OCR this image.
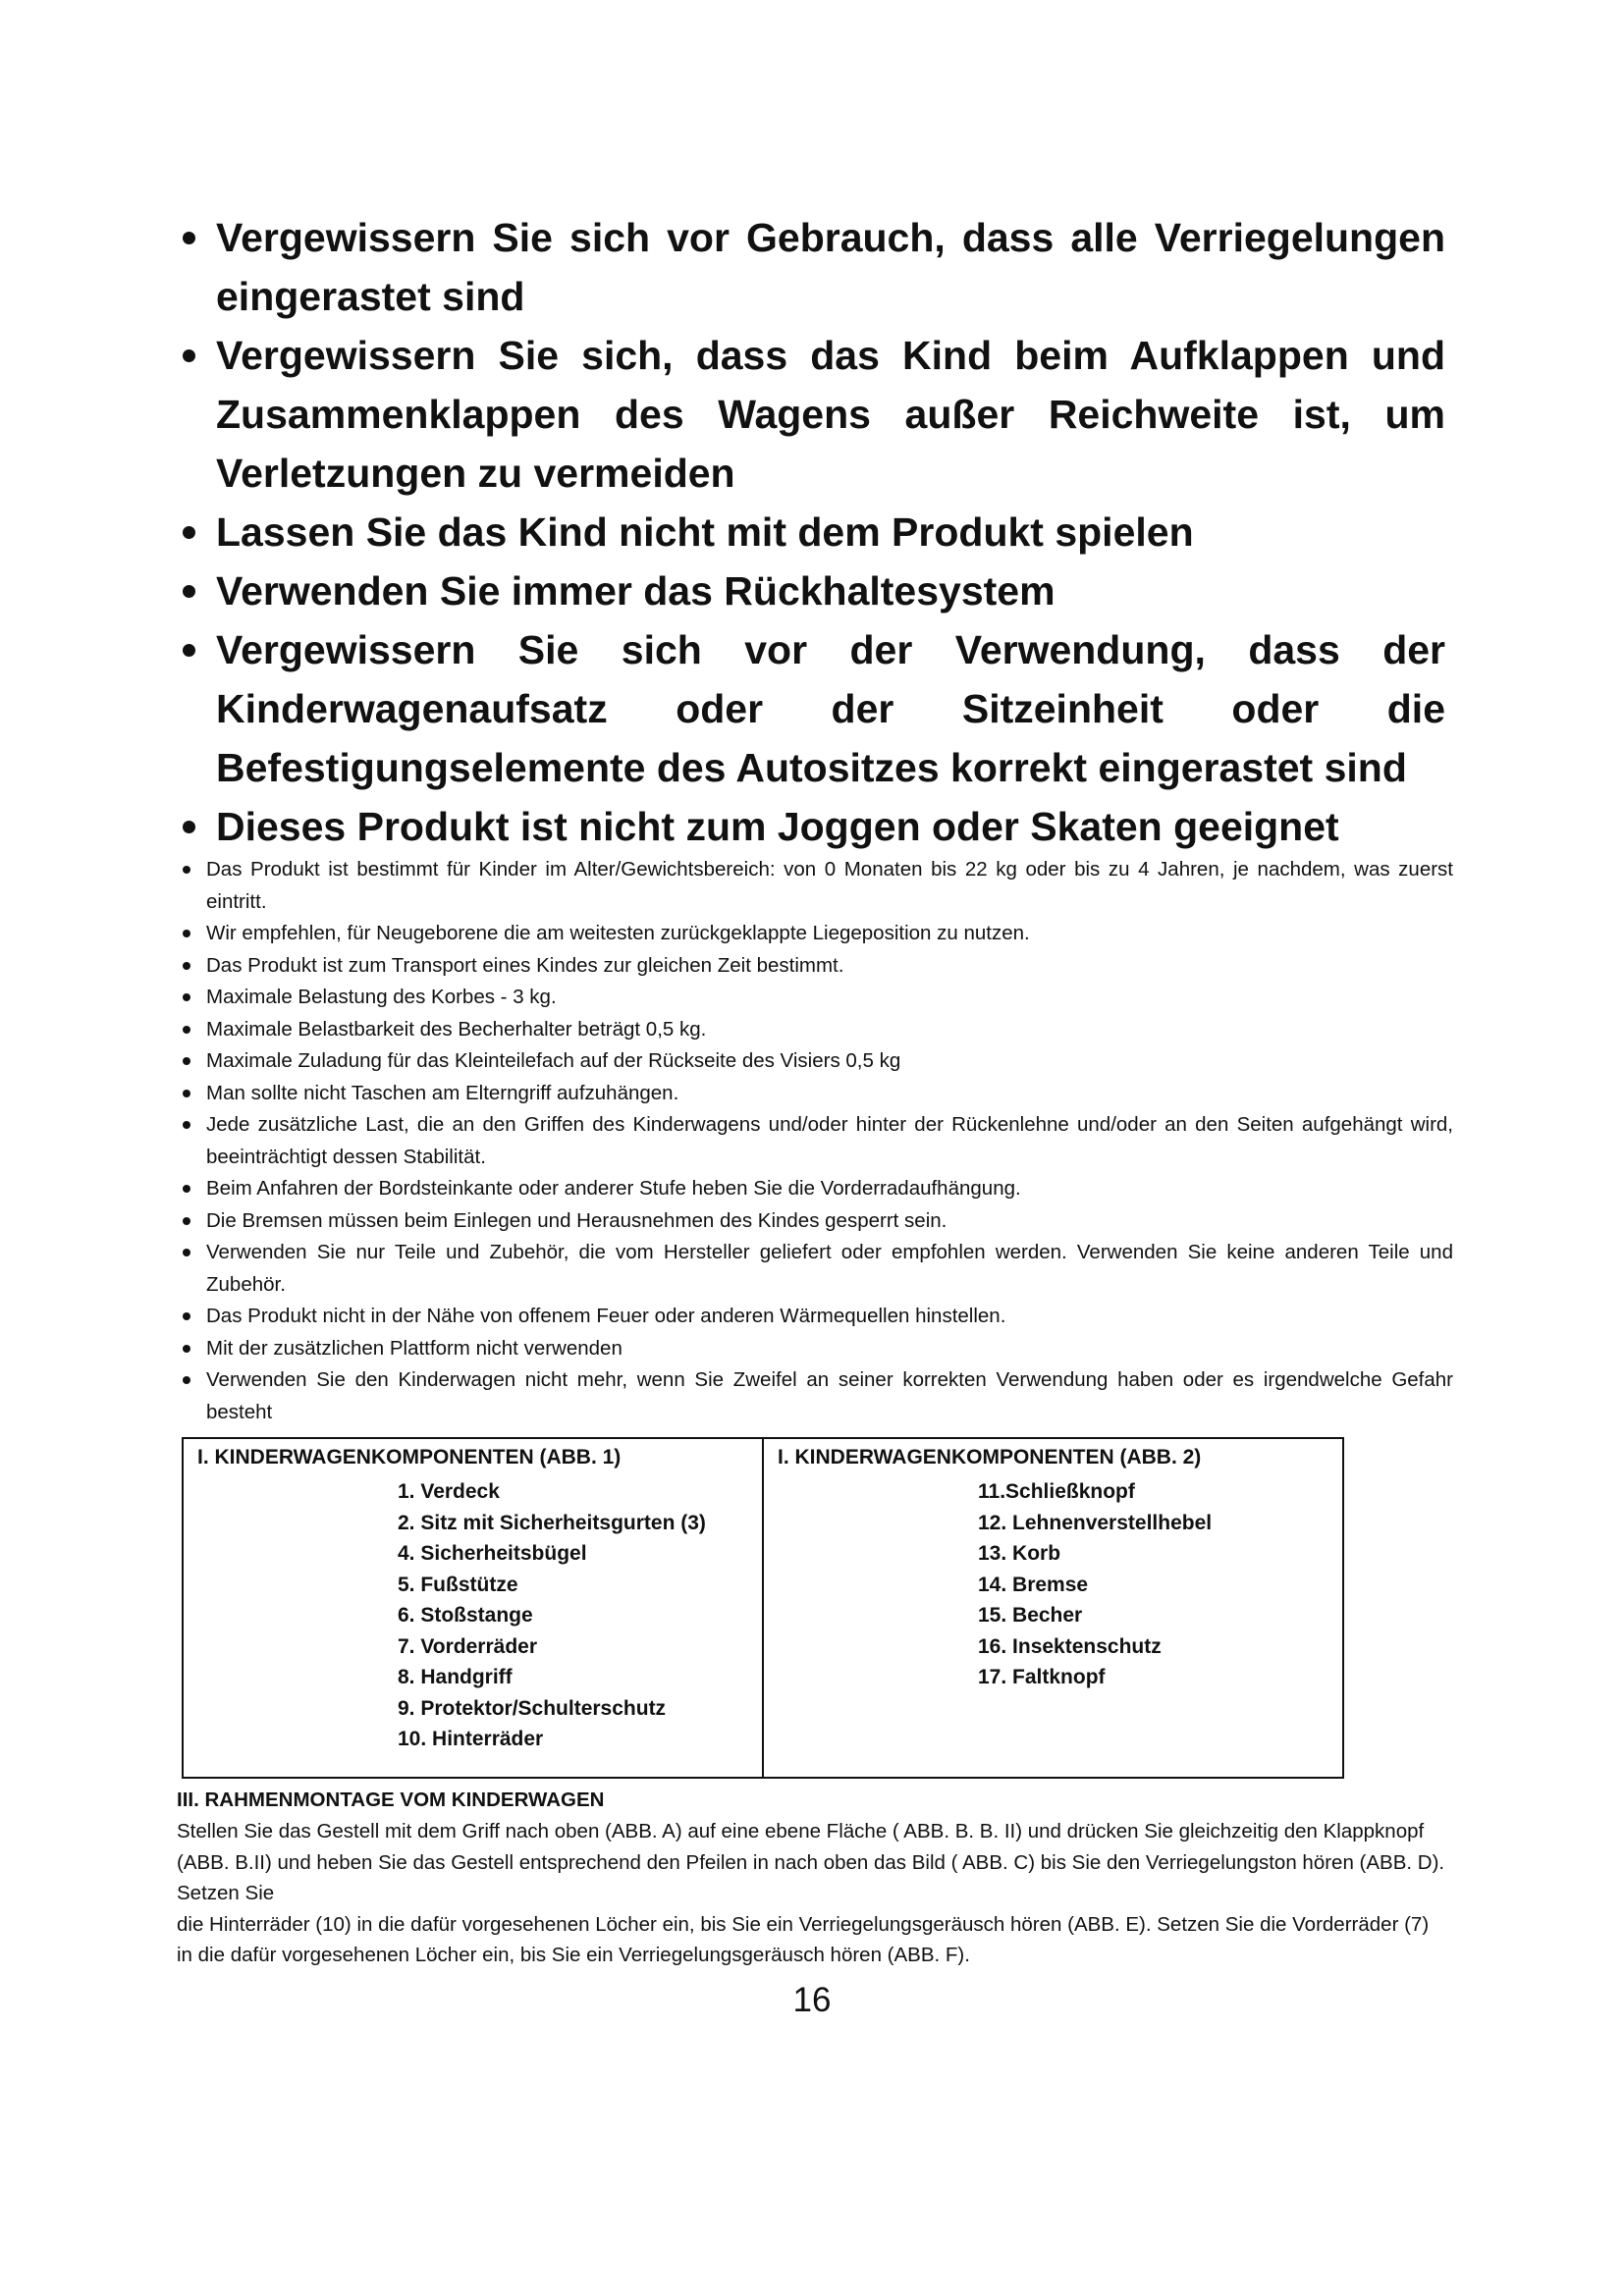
Vergewissern Sie sich vor Gebrauch, dass alle Verriegelungen eingerastet sind
Vergewissern Sie sich, dass das Kind beim Aufklappen und Zusammenklappen des Wagens außer Reichweite ist, um Verletzungen zu vermeiden
Lassen Sie das Kind nicht mit dem Produkt spielen
Verwenden Sie immer das Rückhaltesystem
Vergewissern Sie sich vor der Verwendung, dass der Kinderwagenaufsatz oder der Sitzeinheit oder die Befestigungselemente des Autositzes korrekt eingerastet sind
Dieses Produkt ist nicht zum Joggen oder Skaten geeignet
Das Produkt ist bestimmt für Kinder im Alter/Gewichtsbereich: von 0 Monaten bis 22 kg oder bis zu 4 Jahren, je nachdem, was zuerst eintritt.
Wir empfehlen, für Neugeborene die am weitesten zurückgeklappte Liegeposition zu nutzen.
Das Produkt ist zum Transport eines Kindes zur gleichen Zeit bestimmt.
Maximale Belastung des Korbes - 3 kg.
Maximale Belastbarkeit des Becherhalter beträgt 0,5 kg.
Maximale Zuladung für das Kleinteilefach auf der Rückseite des Visiers 0,5 kg
Man sollte nicht Taschen am Elterngriff aufzuhängen.
Jede zusätzliche Last, die an den Griffen des Kinderwagens und/oder hinter der Rückenlehne und/oder an den Seiten aufgehängt wird, beeinträchtigt dessen Stabilität.
Beim Anfahren der Bordsteinkante oder anderer Stufe heben Sie die Vorderradaufhängung.
Die Bremsen müssen beim Einlegen und Herausnehmen des Kindes gesperrt sein.
Verwenden Sie nur Teile und Zubehör, die vom Hersteller geliefert oder empfohlen werden. Verwenden Sie keine anderen Teile und Zubehör.
Das Produkt nicht in der Nähe von offenem Feuer oder anderen Wärmequellen hinstellen.
Mit der zusätzlichen Plattform nicht verwenden
Verwenden Sie den Kinderwagen nicht mehr, wenn Sie Zweifel an seiner korrekten Verwendung haben oder es irgendwelche Gefahr besteht
I. KINDERWAGENKOMPONENTEN (ABB. 1)
1. Verdeck
2. Sitz mit Sicherheitsgurten (3)
4. Sicherheitsbügel
5. Fußstütze
6. Stoßstange
7. Vorderräder
8. Handgriff
9. Protektor/Schulterschutz
10. Hinterräder
I. KINDERWAGENKOMPONENTEN (ABB. 2)
11.Schließknopf
12. Lehnenverstellhebel
13. Korb
14. Bremse
15. Becher
16. Insektenschutz
17. Faltknopf
III. RAHMENMONTAGE VOM KINDERWAGEN

Stellen Sie das Gestell mit dem Griff nach oben (ABB. A) auf eine ebene Fläche ( ABB. B. B. II) und drücken Sie gleichzeitig den Klappknopf (ABB. B.II) und heben Sie das Gestell entsprechend den Pfeilen in nach oben das Bild ( ABB. C) bis Sie den Verriegelungston hören (ABB. D). Setzen Sie

die Hinterräder (10) in die dafür vorgesehenen Löcher ein, bis Sie ein Verriegelungsgeräusch hören (ABB. E). Setzen Sie die Vorderräder (7)

in die dafür vorgesehenen Löcher ein, bis Sie ein Verriegelungsgeräusch hören (ABB. F).

16
